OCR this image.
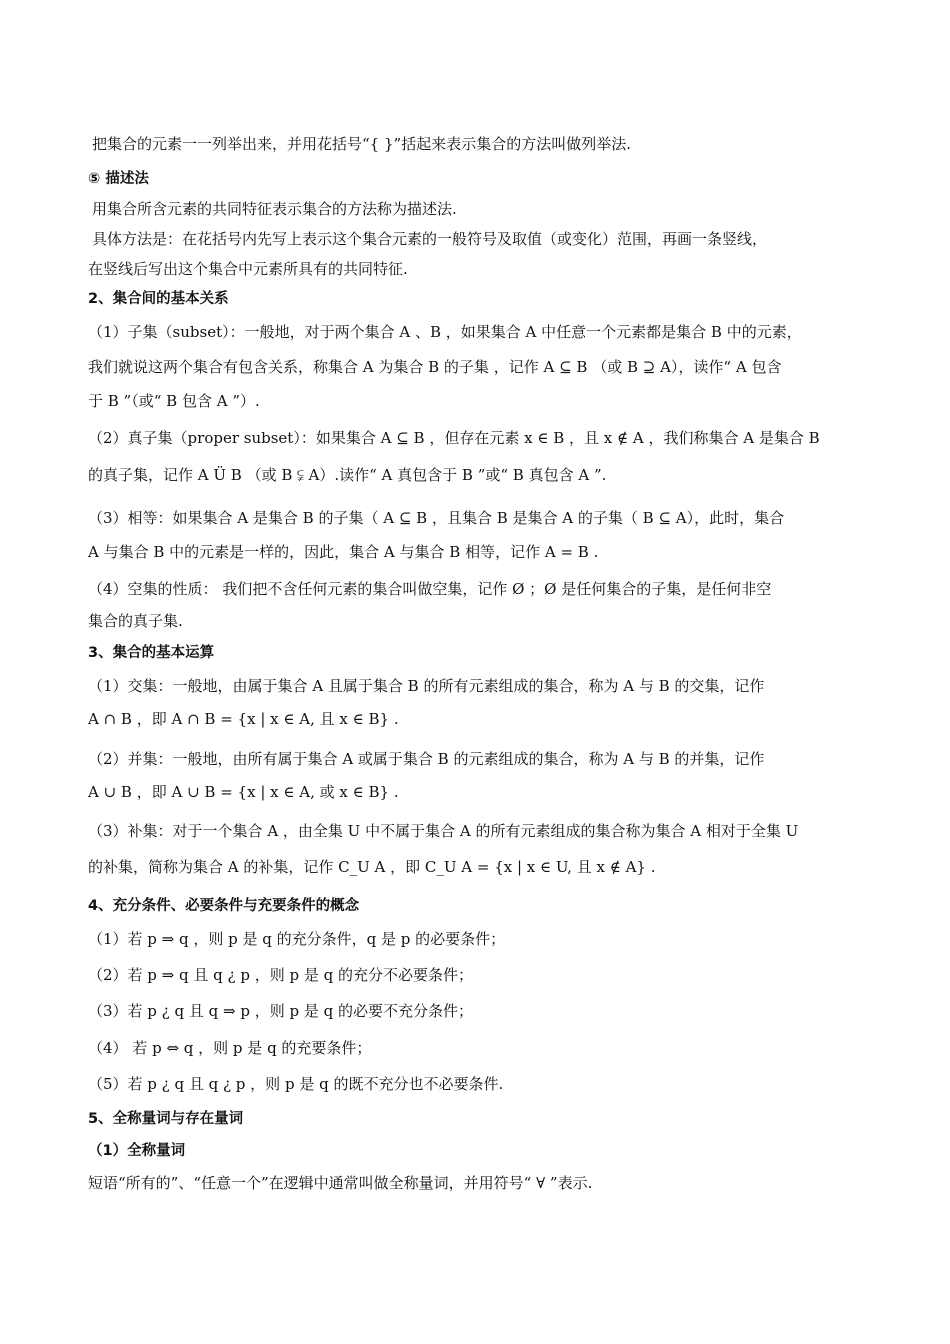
把集合的元素一一列举出来，并用花括号“{ }”括起来表示集合的方法叫做列举法.
⑤ 描述法
用集合所含元素的共同特征表示集合的方法称为描述法.
具体方法是：在花括号内先写上表示这个集合元素的一般符号及取值（或变化）范围，再画一条竖线，
在竖线后写出这个集合中元素所具有的共同特征.
2、集合间的基本关系
（1）子集（subset）：一般地，对于两个集合 A 、B ，如果集合 A 中任意一个元素都是集合 B 中的元素，
我们就说这两个集合有包含关系，称集合 A 为集合 B 的子集 ，记作 A ⊆ B （或 B ⊇ A），读作“ A 包含
于 B ”（或“ B 包含 A ”）.
（2）真子集（proper subset）：如果集合 A ⊆ B ，但存在元素 x ∈ B ，且 x ∉ A ，我们称集合 A 是集合 B
的真子集，记作 A Ü B （或 B ⫋ A）.读作“ A 真包含于 B ”或“ B 真包含 A ”.
（3）相等：如果集合 A 是集合 B 的子集（ A ⊆ B ，且集合 B 是集合 A 的子集（ B ⊆ A），此时，集合
A 与集合 B 中的元素是一样的，因此，集合 A 与集合 B 相等，记作 A = B .
（4）空集的性质： 我们把不含任何元素的集合叫做空集，记作 Ø ；Ø 是任何集合的子集，是任何非空
集合的真子集.
3、集合的基本运算
（1）交集：一般地，由属于集合 A 且属于集合 B 的所有元素组成的集合，称为 A 与 B 的交集，记作
A ∩ B ，即 A ∩ B = {x | x ∈ A, 且 x ∈ B} .
（2）并集：一般地，由所有属于集合 A 或属于集合 B 的元素组成的集合，称为 A 与 B 的并集，记作
A ∪ B ，即 A ∪ B = {x | x ∈ A, 或 x ∈ B} .
（3）补集：对于一个集合 A ，由全集 U 中不属于集合 A 的所有元素组成的集合称为集合 A 相对于全集 U
的补集，简称为集合 A 的补集，记作 C_U A ，即 C_U A = {x | x ∈ U, 且 x ∉ A} .
4、充分条件、必要条件与充要条件的概念
（1）若 p ⇒ q ，则 p 是 q 的充分条件，q 是 p 的必要条件；
（2）若 p ⇒ q 且 q ¿ p ，则 p 是 q 的充分不必要条件；
（3）若 p ¿ q 且 q ⇒ p ，则 p 是 q 的必要不充分条件；
（4） 若 p ⇔ q ，则 p 是 q 的充要条件；
（5）若 p ¿ q 且 q ¿ p ，则 p 是 q 的既不充分也不必要条件.
5、全称量词与存在量词
（1）全称量词
短语“所有的”、“任意一个”在逻辑中通常叫做全称量词，并用符号“ ∀ ”表示.
